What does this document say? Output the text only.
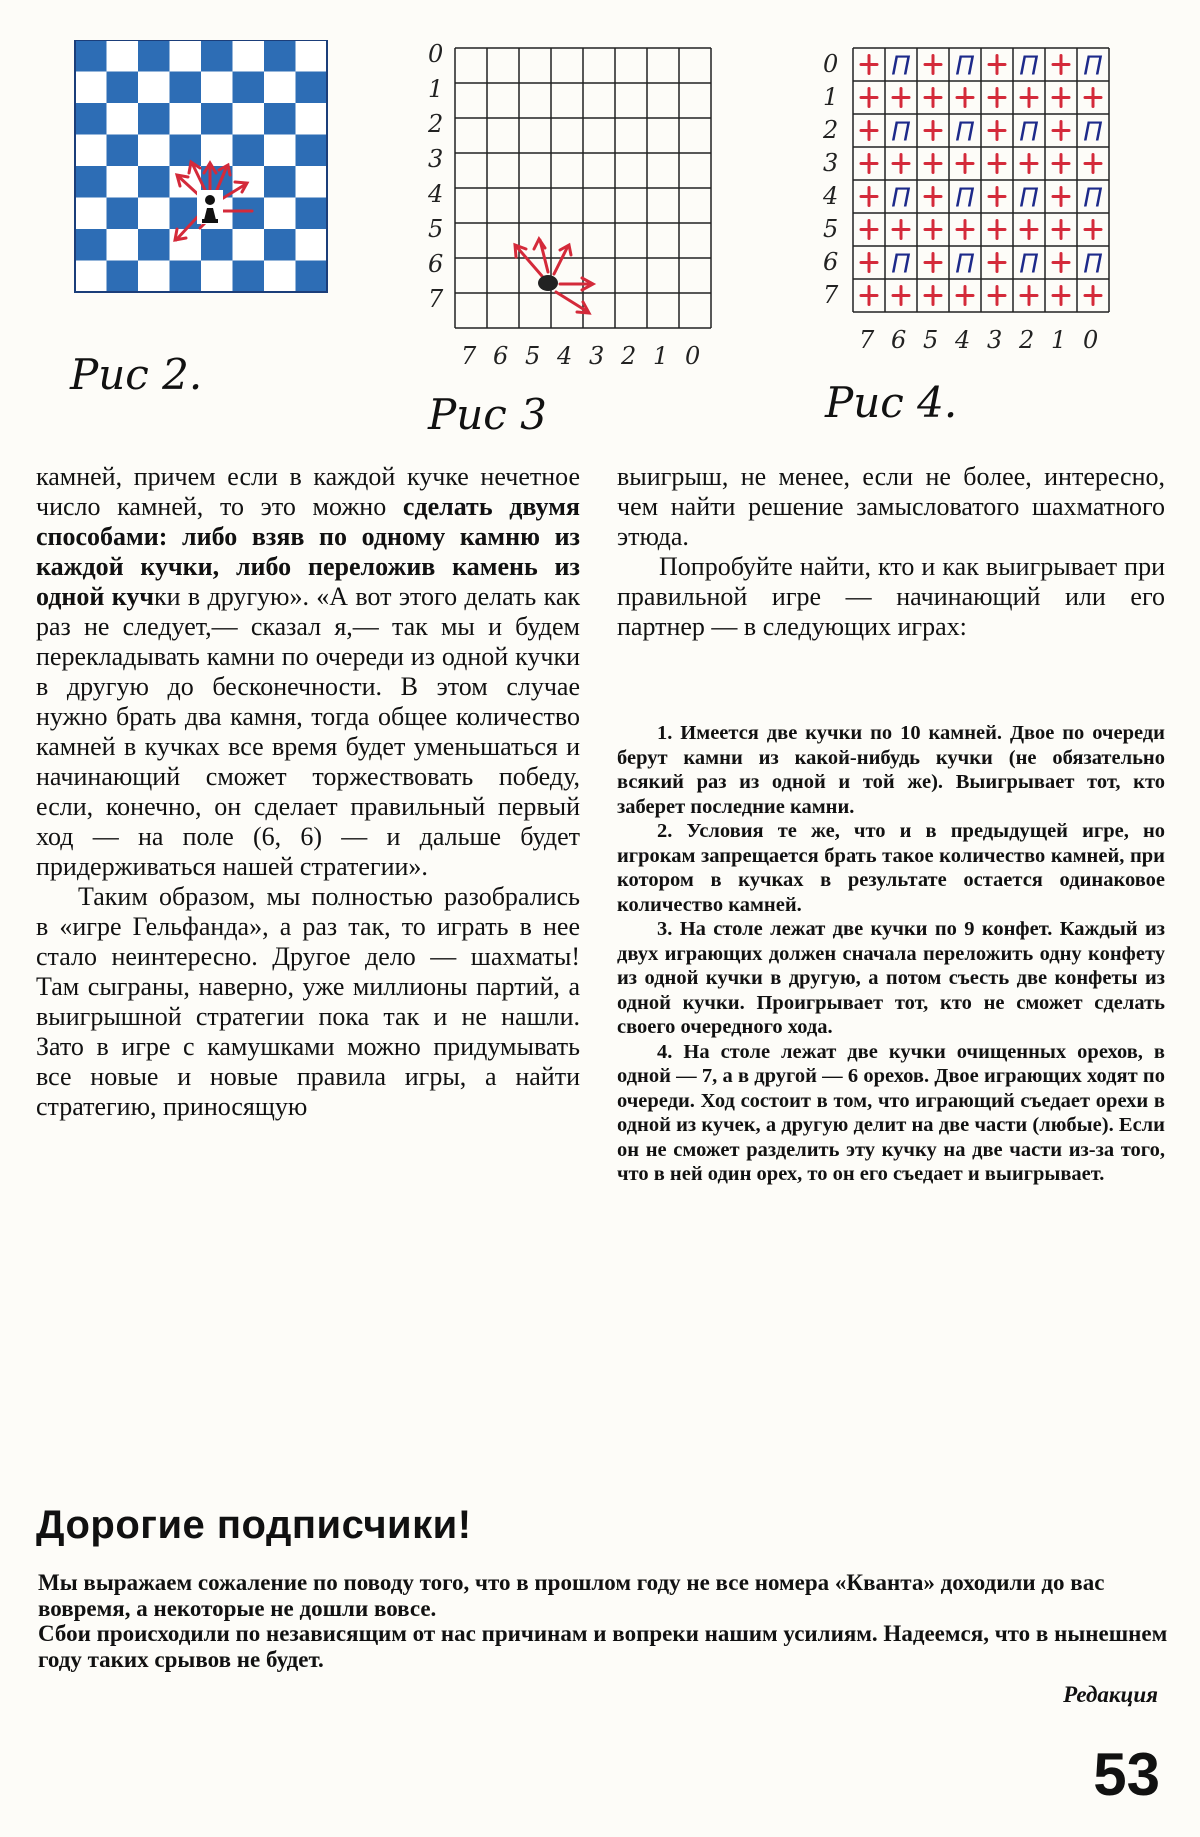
Рис 2.
0
1
2
3
4
5
6
7
7 6 5 4 3 2 1 0
Рис 3
0
1
2
3
4
5
6
7
П П П П
П П П П
П П П П
П П П П
7 6 5 4 3 2 1 0
Рис 4.

камней, причем если в каждой кучке нечетное число камней, то это можно сделать двумя способами: либо взяв по одному камню из каждой кучки, либо переложив камень из одной кучки в другую». «А вот этого делать как раз не следует,— сказал я,— так мы и будем перекладывать камни по очереди из одной кучки в другую до бесконечности. В этом случае нужно брать два камня, тогда общее количество камней в кучках все время будет уменьшаться и начинающий сможет торжествовать победу, если, конечно, он сделает правильный первый ход — на поле (6, 6) — и дальше будет придерживаться нашей стратегии».

Таким образом, мы полностью разобрались в «игре Гельфанда», а раз так, то играть в нее стало неинтересно. Другое дело — шахматы! Там сыграны, наверно, уже миллионы партий, а выигрышной стратегии пока так и не нашли. Зато в игре с камушками можно придумывать все новые и новые правила игры, а найти стратегию, приносящую

выигрыш, не менее, если не более, интересно, чем найти решение замысловатого шахматного этюда.

Попробуйте найти, кто и как выигрывает при правильной игре — начинающий или его партнер — в следующих играх:

1. Имеется две кучки по 10 камней. Двое по очереди берут камни из какой-нибудь кучки (не обязательно всякий раз из одной и той же). Выигрывает тот, кто заберет последние камни.

2. Условия те же, что и в предыдущей игре, но игрокам запрещается брать такое количество камней, при котором в кучках в результате остается одинаковое количество камней.

3. На столе лежат две кучки по 9 конфет. Каждый из двух играющих должен сначала переложить одну конфету из одной кучки в другую, а потом съесть две конфеты из одной кучки. Проигрывает тот, кто не сможет сделать своего очередного хода.

4. На столе лежат две кучки очищенных орехов, в одной — 7, а в другой — 6 орехов. Двое играющих ходят по очереди. Ход состоит в том, что играющий съедает орехи в одной из кучек, а другую делит на две части (любые). Если он не сможет разделить эту кучку на две части из-за того, что в ней один орех, то он его съедает и выигрывает.

Дорогие подписчики!

Мы выражаем сожаление по поводу того, что в прошлом году не все номера «Кванта» доходили до вас вовремя, а некоторые не дошли вовсе.

Сбои происходили по независящим от нас причинам и вопреки нашим усилиям. Надеемся, что в нынешнем году таких срывов не будет.

Редакция
53
